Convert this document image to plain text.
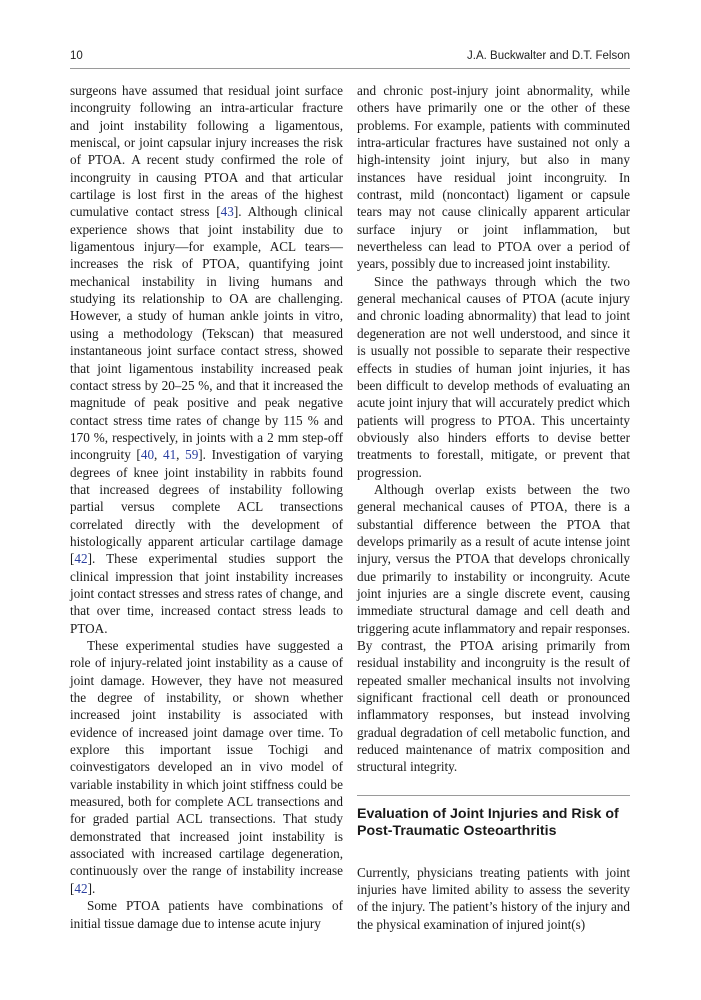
10	J.A. Buckwalter and D.T. Felson

surgeons have assumed that residual joint surface incongruity following an intra-articular fracture and joint instability following a ligamentous, meniscal, or joint capsular injury increases the risk of PTOA. A recent study confirmed the role of incongruity in causing PTOA and that articular cartilage is lost first in the areas of the highest cumulative contact stress [43]. Although clinical experience shows that joint instability due to ligamentous injury—for example, ACL tears—increases the risk of PTOA, quantifying joint mechanical instability in living humans and studying its relationship to OA are challenging. However, a study of human ankle joints in vitro, using a methodology (Tekscan) that measured instantaneous joint surface contact stress, showed that joint ligamentous instability increased peak contact stress by 20–25 %, and that it increased the magnitude of peak positive and peak negative contact stress time rates of change by 115 % and 170 %, respectively, in joints with a 2 mm step-off incongruity [40, 41, 59]. Investigation of varying degrees of knee joint instability in rabbits found that increased degrees of instability following partial versus complete ACL transections correlated directly with the development of histologically apparent articular cartilage damage [42]. These experimental studies support the clinical impression that joint instability increases joint contact stresses and stress rates of change, and that over time, increased contact stress leads to PTOA.

These experimental studies have suggested a role of injury-related joint instability as a cause of joint damage. However, they have not measured the degree of instability, or shown whether increased joint instability is associated with evidence of increased joint damage over time. To explore this important issue Tochigi and coinvestigators developed an in vivo model of variable instability in which joint stiffness could be measured, both for complete ACL transections and for graded partial ACL transections. That study demonstrated that increased joint instability is associated with increased cartilage degeneration, continuously over the range of instability increase [42].

Some PTOA patients have combinations of initial tissue damage due to intense acute injury

and chronic post-injury joint abnormality, while others have primarily one or the other of these problems. For example, patients with comminuted intra-articular fractures have sustained not only a high-intensity joint injury, but also in many instances have residual joint incongruity. In contrast, mild (noncontact) ligament or capsule tears may not cause clinically apparent articular surface injury or joint inflammation, but nevertheless can lead to PTOA over a period of years, possibly due to increased joint instability.

Since the pathways through which the two general mechanical causes of PTOA (acute injury and chronic loading abnormality) that lead to joint degeneration are not well understood, and since it is usually not possible to separate their respective effects in studies of human joint injuries, it has been difficult to develop methods of evaluating an acute joint injury that will accurately predict which patients will progress to PTOA. This uncertainty obviously also hinders efforts to devise better treatments to forestall, mitigate, or prevent that progression.

Although overlap exists between the two general mechanical causes of PTOA, there is a substantial difference between the PTOA that develops primarily as a result of acute intense joint injury, versus the PTOA that develops chronically due primarily to instability or incongruity. Acute joint injuries are a single discrete event, causing immediate structural damage and cell death and triggering acute inflammatory and repair responses. By contrast, the PTOA arising primarily from residual instability and incongruity is the result of repeated smaller mechanical insults not involving significant fractional cell death or pronounced inflammatory responses, but instead involving gradual degradation of cell metabolic function, and reduced maintenance of matrix composition and structural integrity.

Evaluation of Joint Injuries and Risk of Post-Traumatic Osteoarthritis

Currently, physicians treating patients with joint injuries have limited ability to assess the severity of the injury. The patient’s history of the injury and the physical examination of injured joint(s)
